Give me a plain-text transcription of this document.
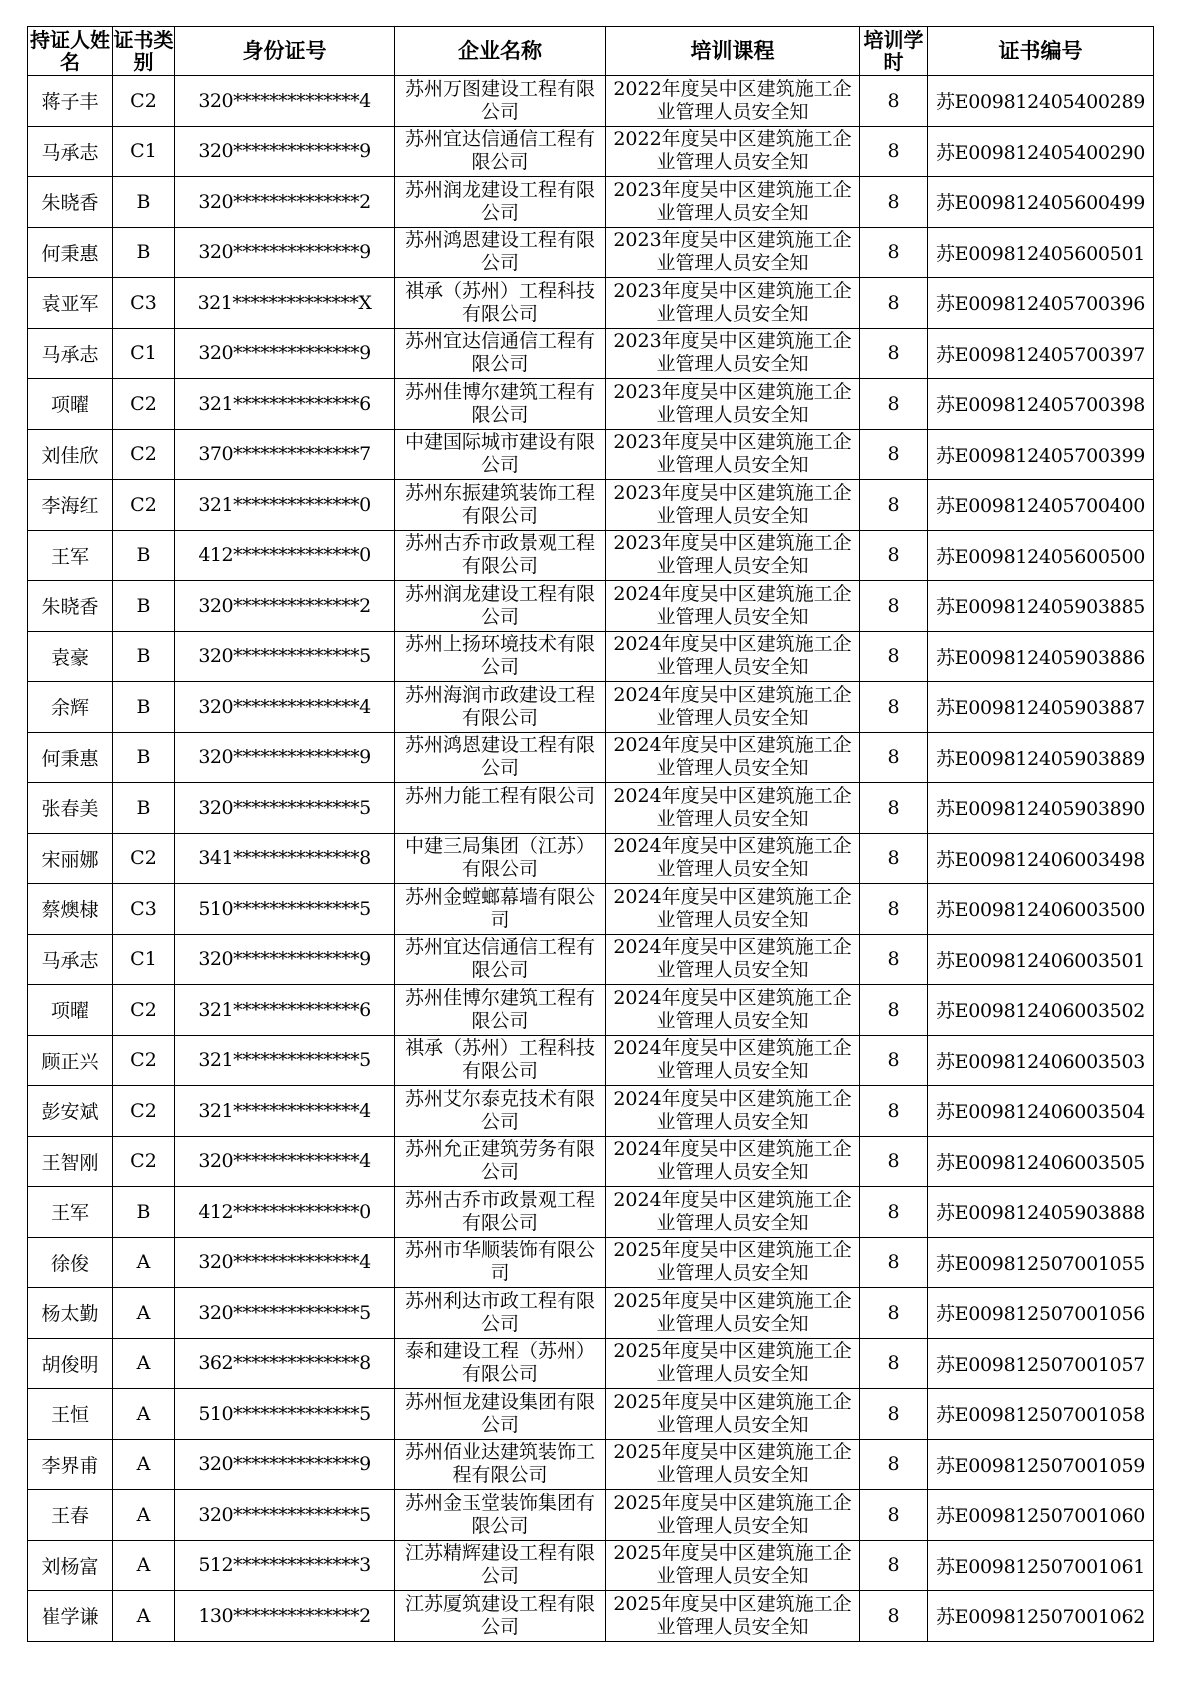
持证人姓名	证书类别	身份证号	企业名称	培训课程	培训学时	证书编号
蒋子丰	C2	320**************4	苏州万图建设工程有限公司	2022年度吴中区建筑施工企业管理人员安全知	8	苏E009812405400289
马承志	C1	320**************9	苏州宜达信通信工程有限公司	2022年度吴中区建筑施工企业管理人员安全知	8	苏E009812405400290
朱晓香	B	320**************2	苏州润龙建设工程有限公司	2023年度吴中区建筑施工企业管理人员安全知	8	苏E009812405600499
何秉惠	B	320**************9	苏州鸿恩建设工程有限公司	2023年度吴中区建筑施工企业管理人员安全知	8	苏E009812405600501
袁亚军	C3	321**************X	祺承（苏州）工程科技有限公司	2023年度吴中区建筑施工企业管理人员安全知	8	苏E009812405700396
马承志	C1	320**************9	苏州宜达信通信工程有限公司	2023年度吴中区建筑施工企业管理人员安全知	8	苏E009812405700397
项曜	C2	321**************6	苏州佳博尔建筑工程有限公司	2023年度吴中区建筑施工企业管理人员安全知	8	苏E009812405700398
刘佳欣	C2	370**************7	中建国际城市建设有限公司	2023年度吴中区建筑施工企业管理人员安全知	8	苏E009812405700399
李海红	C2	321**************0	苏州东振建筑装饰工程有限公司	2023年度吴中区建筑施工企业管理人员安全知	8	苏E009812405700400
王军	B	412**************0	苏州古乔市政景观工程有限公司	2023年度吴中区建筑施工企业管理人员安全知	8	苏E009812405600500
朱晓香	B	320**************2	苏州润龙建设工程有限公司	2024年度吴中区建筑施工企业管理人员安全知	8	苏E009812405903885
袁豪	B	320**************5	苏州上扬环境技术有限公司	2024年度吴中区建筑施工企业管理人员安全知	8	苏E009812405903886
余辉	B	320**************4	苏州海润市政建设工程有限公司	2024年度吴中区建筑施工企业管理人员安全知	8	苏E009812405903887
何秉惠	B	320**************9	苏州鸿恩建设工程有限公司	2024年度吴中区建筑施工企业管理人员安全知	8	苏E009812405903889
张春美	B	320**************5	苏州力能工程有限公司	2024年度吴中区建筑施工企业管理人员安全知	8	苏E009812405903890
宋丽娜	C2	341**************8	中建三局集团（江苏）有限公司	2024年度吴中区建筑施工企业管理人员安全知	8	苏E009812406003498
蔡燠棣	C3	510**************5	苏州金螳螂幕墙有限公司	2024年度吴中区建筑施工企业管理人员安全知	8	苏E009812406003500
马承志	C1	320**************9	苏州宜达信通信工程有限公司	2024年度吴中区建筑施工企业管理人员安全知	8	苏E009812406003501
项曜	C2	321**************6	苏州佳博尔建筑工程有限公司	2024年度吴中区建筑施工企业管理人员安全知	8	苏E009812406003502
顾正兴	C2	321**************5	祺承（苏州）工程科技有限公司	2024年度吴中区建筑施工企业管理人员安全知	8	苏E009812406003503
彭安斌	C2	321**************4	苏州艾尔泰克技术有限公司	2024年度吴中区建筑施工企业管理人员安全知	8	苏E009812406003504
王智刚	C2	320**************4	苏州允正建筑劳务有限公司	2024年度吴中区建筑施工企业管理人员安全知	8	苏E009812406003505
王军	B	412**************0	苏州古乔市政景观工程有限公司	2024年度吴中区建筑施工企业管理人员安全知	8	苏E009812405903888
徐俊	A	320**************4	苏州市华顺装饰有限公司	2025年度吴中区建筑施工企业管理人员安全知	8	苏E009812507001055
杨太勤	A	320**************5	苏州利达市政工程有限公司	2025年度吴中区建筑施工企业管理人员安全知	8	苏E009812507001056
胡俊明	A	362**************8	泰和建设工程（苏州）有限公司	2025年度吴中区建筑施工企业管理人员安全知	8	苏E009812507001057
王恒	A	510**************5	苏州恒龙建设集团有限公司	2025年度吴中区建筑施工企业管理人员安全知	8	苏E009812507001058
李界甫	A	320**************9	苏州佰业达建筑装饰工程有限公司	2025年度吴中区建筑施工企业管理人员安全知	8	苏E009812507001059
王春	A	320**************5	苏州金玉堂装饰集团有限公司	2025年度吴中区建筑施工企业管理人员安全知	8	苏E009812507001060
刘杨富	A	512**************3	江苏精辉建设工程有限公司	2025年度吴中区建筑施工企业管理人员安全知	8	苏E009812507001061
崔学谦	A	130**************2	江苏厦筑建设工程有限公司	2025年度吴中区建筑施工企业管理人员安全知	8	苏E009812507001062
